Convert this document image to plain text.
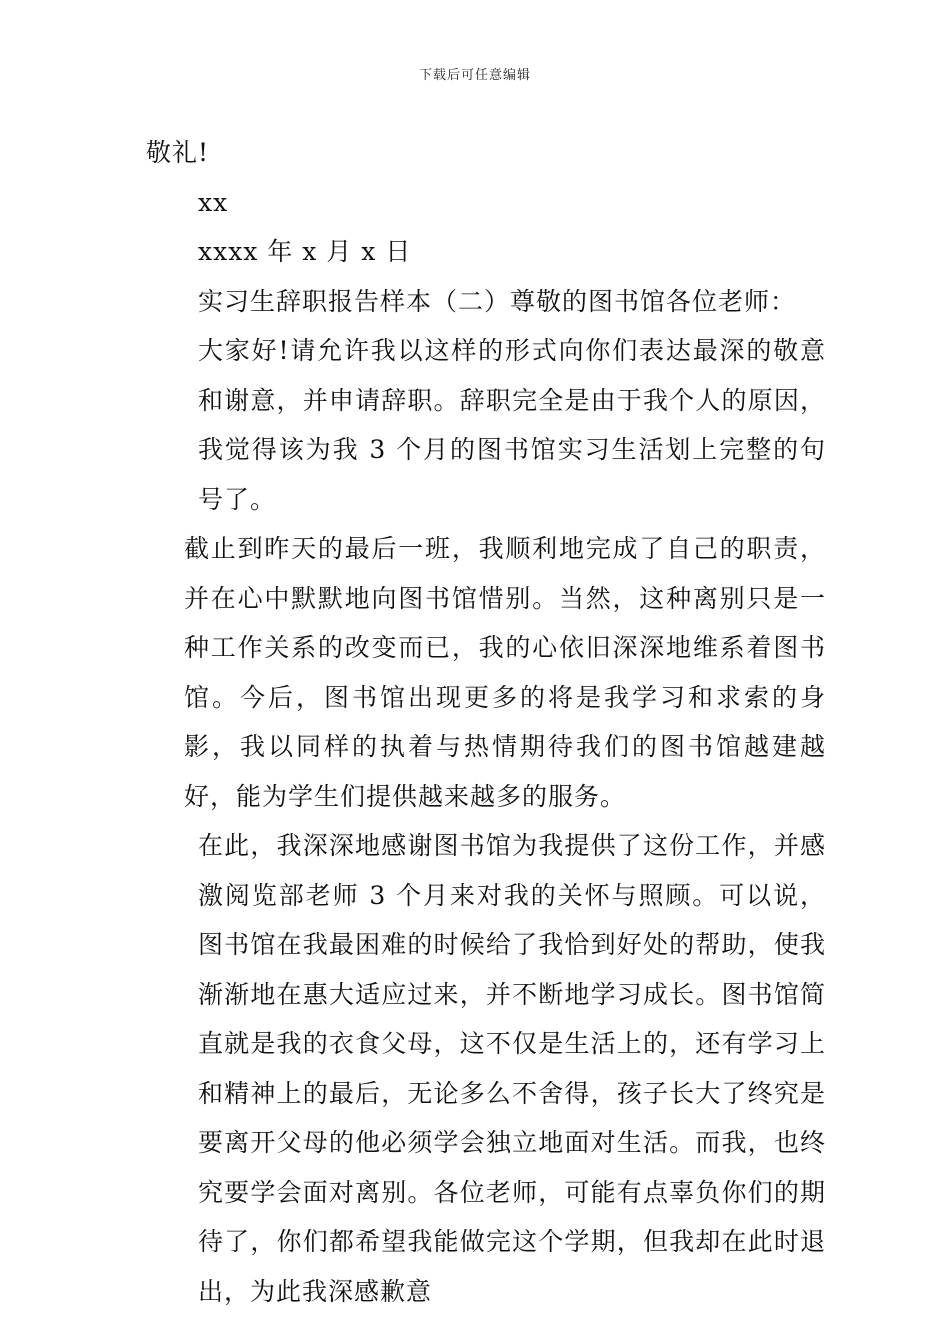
下载后可任意编辑

敬礼!

xx

xxxx 年 x 月 x 日

实习生辞职报告样本（二）尊敬的图书馆各位老师：

大家好!请允许我以这样的形式向你们表达最深的敬意和谢意，并申请辞职。辞职完全是由于我个人的原因，我觉得该为我 3 个月的图书馆实习生活划上完整的句号了。

截止到昨天的最后一班，我顺利地完成了自己的职责，并在心中默默地向图书馆惜别。当然，这种离别只是一种工作关系的改变而已，我的心依旧深深地维系着图书馆。今后，图书馆出现更多的将是我学习和求索的身影，我以同样的执着与热情期待我们的图书馆越建越好，能为学生们提供越来越多的服务。

在此，我深深地感谢图书馆为我提供了这份工作，并感激阅览部老师 3 个月来对我的关怀与照顾。可以说，图书馆在我最困难的时候给了我恰到好处的帮助，使我渐渐地在惠大适应过来，并不断地学习成长。图书馆简直就是我的衣食父母，这不仅是生活上的，还有学习上和精神上的最后，无论多么不舍得，孩子长大了终究是要离开父母的他必须学会独立地面对生活。而我，也终究要学会面对离别。各位老师，可能有点辜负你们的期待了，你们都希望我能做完这个学期，但我却在此时退出，为此我深感歉意
